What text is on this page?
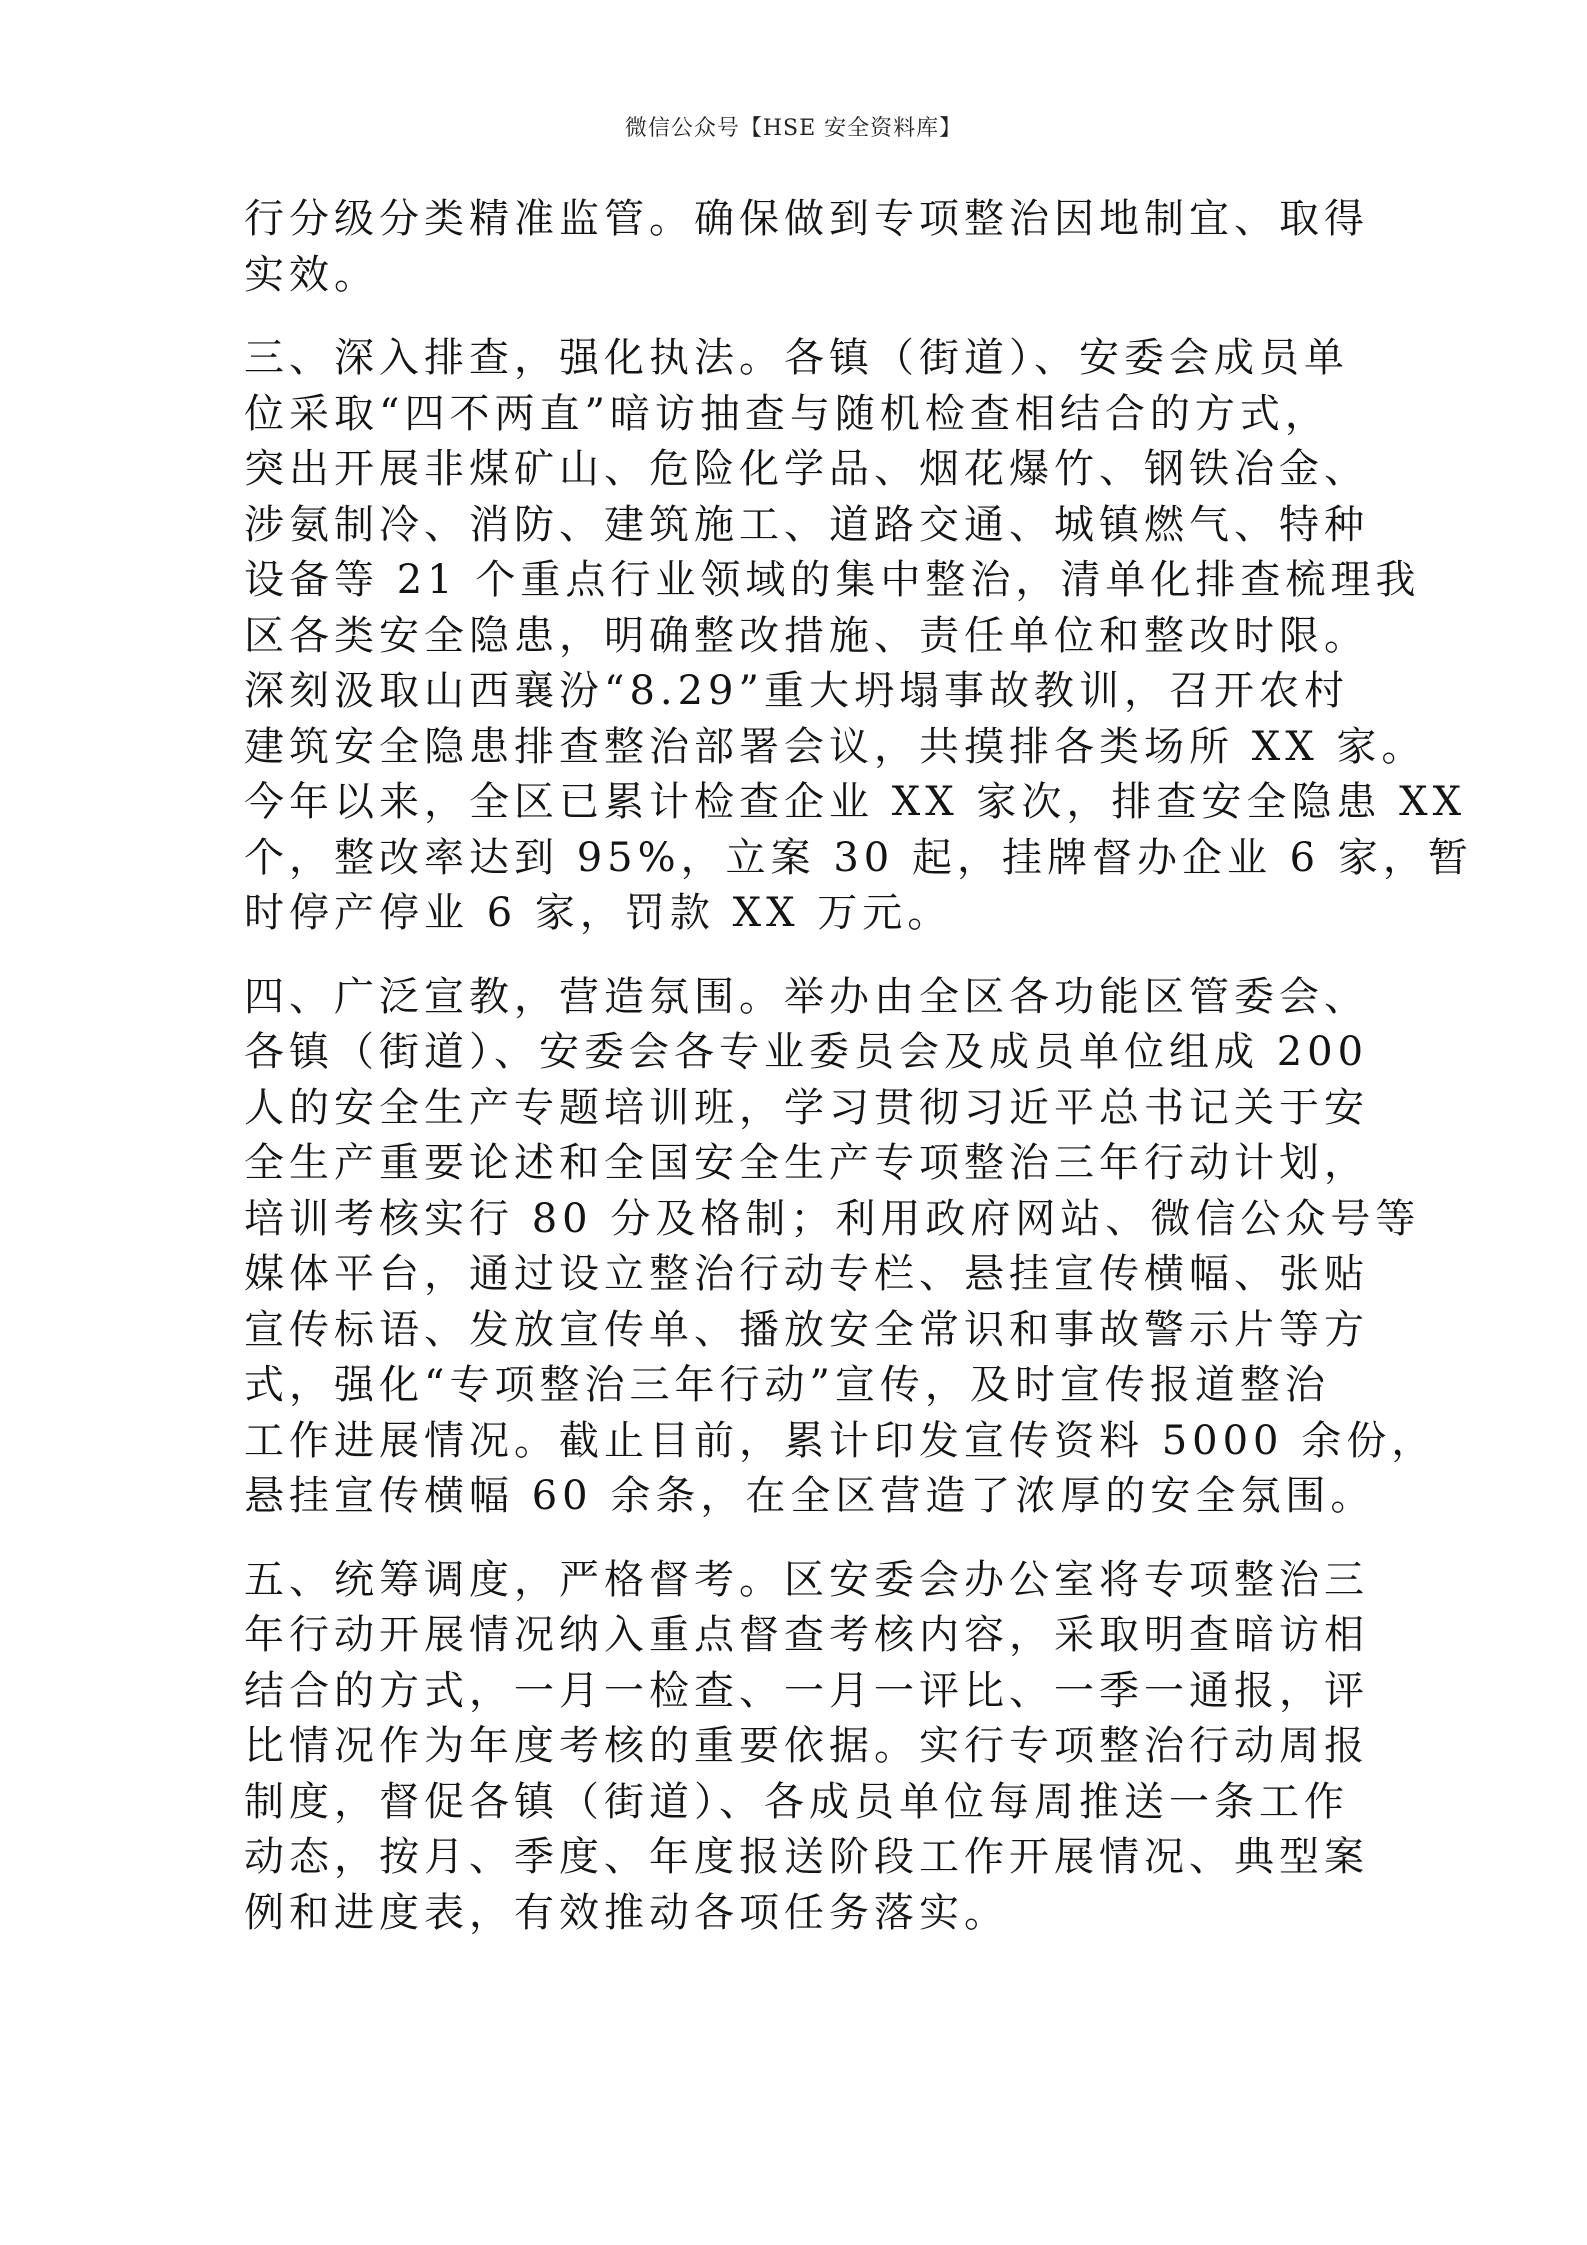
微信公众号【HSE 安全资料库】
行分级分类精准监管。确保做到专项整治因地制宜、取得
实效。
三、深入排查，强化执法。各镇（街道）、安委会成员单
位采取“四不两直”暗访抽查与随机检查相结合的方式，
突出开展非煤矿山、危险化学品、烟花爆竹、钢铁冶金、
涉氨制冷、消防、建筑施工、道路交通、城镇燃气、特种
设备等 21 个重点行业领域的集中整治，清单化排查梳理我
区各类安全隐患，明确整改措施、责任单位和整改时限。
深刻汲取山西襄汾“8.29”重大坍塌事故教训，召开农村
建筑安全隐患排查整治部署会议，共摸排各类场所 XX 家。
今年以来，全区已累计检查企业 XX 家次，排查安全隐患 XX
个，整改率达到 95%，立案 30 起，挂牌督办企业 6 家，暂
时停产停业 6 家，罚款 XX 万元。
四、广泛宣教，营造氛围。举办由全区各功能区管委会、
各镇（街道）、安委会各专业委员会及成员单位组成 200
人的安全生产专题培训班，学习贯彻习近平总书记关于安
全生产重要论述和全国安全生产专项整治三年行动计划，
培训考核实行 80 分及格制；利用政府网站、微信公众号等
媒体平台，通过设立整治行动专栏、悬挂宣传横幅、张贴
宣传标语、发放宣传单、播放安全常识和事故警示片等方
式，强化“专项整治三年行动”宣传，及时宣传报道整治
工作进展情况。截止目前，累计印发宣传资料 5000 余份，
悬挂宣传横幅 60 余条，在全区营造了浓厚的安全氛围。
五、统筹调度，严格督考。区安委会办公室将专项整治三
年行动开展情况纳入重点督查考核内容，采取明查暗访相
结合的方式，一月一检查、一月一评比、一季一通报，评
比情况作为年度考核的重要依据。实行专项整治行动周报
制度，督促各镇（街道）、各成员单位每周推送一条工作
动态，按月、季度、年度报送阶段工作开展情况、典型案
例和进度表，有效推动各项任务落实。
